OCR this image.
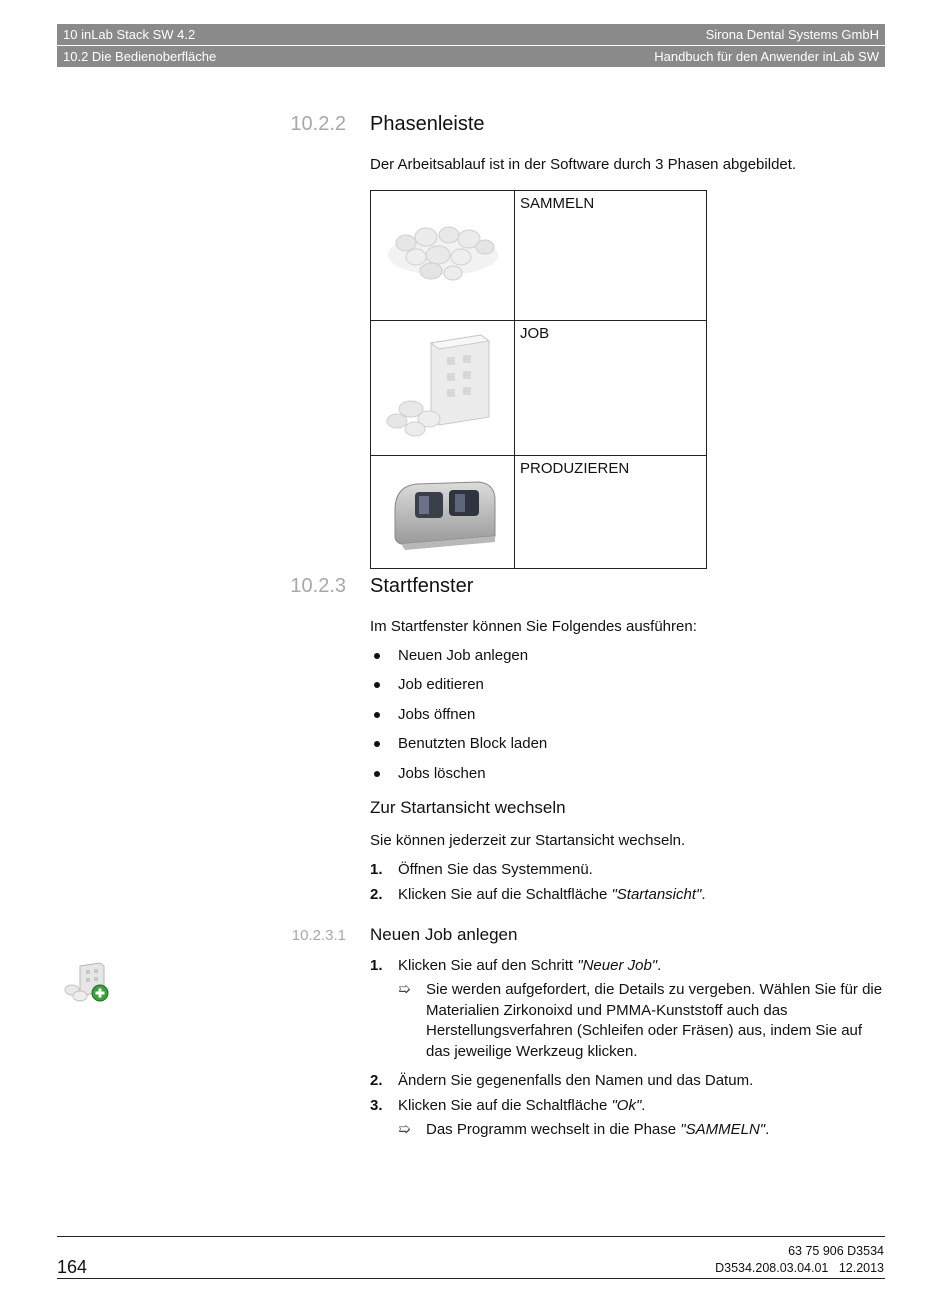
10 inLab Stack SW 4.2	Sirona Dental Systems GmbH
10.2 Die Bedienoberfläche	Handbuch für den Anwender inLab SW
10.2.2 Phasenleiste
Der Arbeitsablauf ist in der Software durch 3 Phasen abgebildet.
	SAMMELN
	JOB
	PRODUZIEREN
10.2.3 Startfenster
Im Startfenster können Sie Folgendes ausführen:
Neuen Job anlegen
Job editieren
Jobs öffnen
Benutzten Block laden
Jobs löschen
Zur Startansicht wechseln
Sie können jederzeit zur Startansicht wechseln.
1. Öffnen Sie das Systemmenü.
2. Klicken Sie auf die Schaltfläche "Startansicht".
10.2.3.1 Neuen Job anlegen
1. Klicken Sie auf den Schritt "Neuer Job".
➯ Sie werden aufgefordert, die Details zu vergeben. Wählen Sie für die Materialien Zirkonoixd und PMMA-Kunststoff auch das Herstellungsverfahren (Schleifen oder Fräsen) aus, indem Sie auf das jeweilige Werkzeug klicken.
2. Ändern Sie gegenenfalls den Namen und das Datum.
3. Klicken Sie auf die Schaltfläche "Ok".
➯ Das Programm wechselt in die Phase "SAMMELN".
164
63 75 906 D3534
D3534.208.03.04.01 12.2013
